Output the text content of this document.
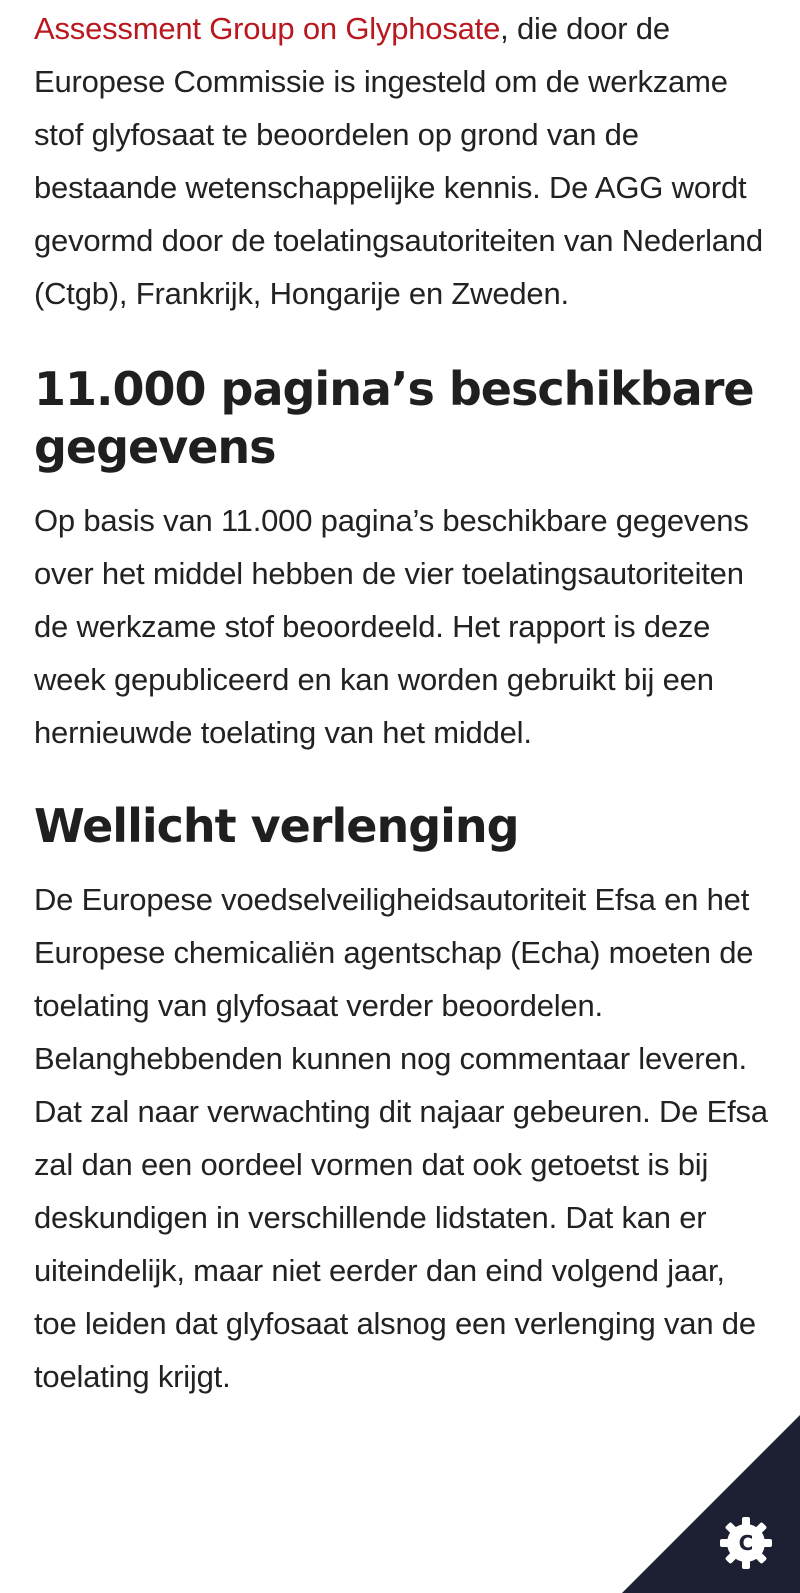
Assessment Group on Glyphosate, die door de Europese Commissie is ingesteld om de werkzame stof glyfosaat te beoordelen op grond van de bestaande wetenschappelijke kennis. De AGG wordt gevormd door de toelatingsautoriteiten van Nederland (Ctgb), Frankrijk, Hongarije en Zweden.

11.000 pagina’s beschikbare gegevens

Op basis van 11.000 pagina’s beschikbare gegevens over het middel hebben de vier toelatingsautoriteiten de werkzame stof beoordeeld. Het rapport is deze week gepubliceerd en kan worden gebruikt bij een hernieuwde toelating van het middel.

Wellicht verlenging

De Europese voedselveiligheidsautoriteit Efsa en het Europese chemicaliën agentschap (Echa) moeten de toelating van glyfosaat verder beoordelen. Belanghebbenden kunnen nog commentaar leveren. Dat zal naar verwachting dit najaar gebeuren. De Efsa zal dan een oordeel vormen dat ook getoetst is bij deskundigen in verschillende lidstaten. Dat kan er uiteindelijk, maar niet eerder dan eind volgend jaar, toe leiden dat glyfosaat alsnog een verlenging van de toelating krijgt.

C
